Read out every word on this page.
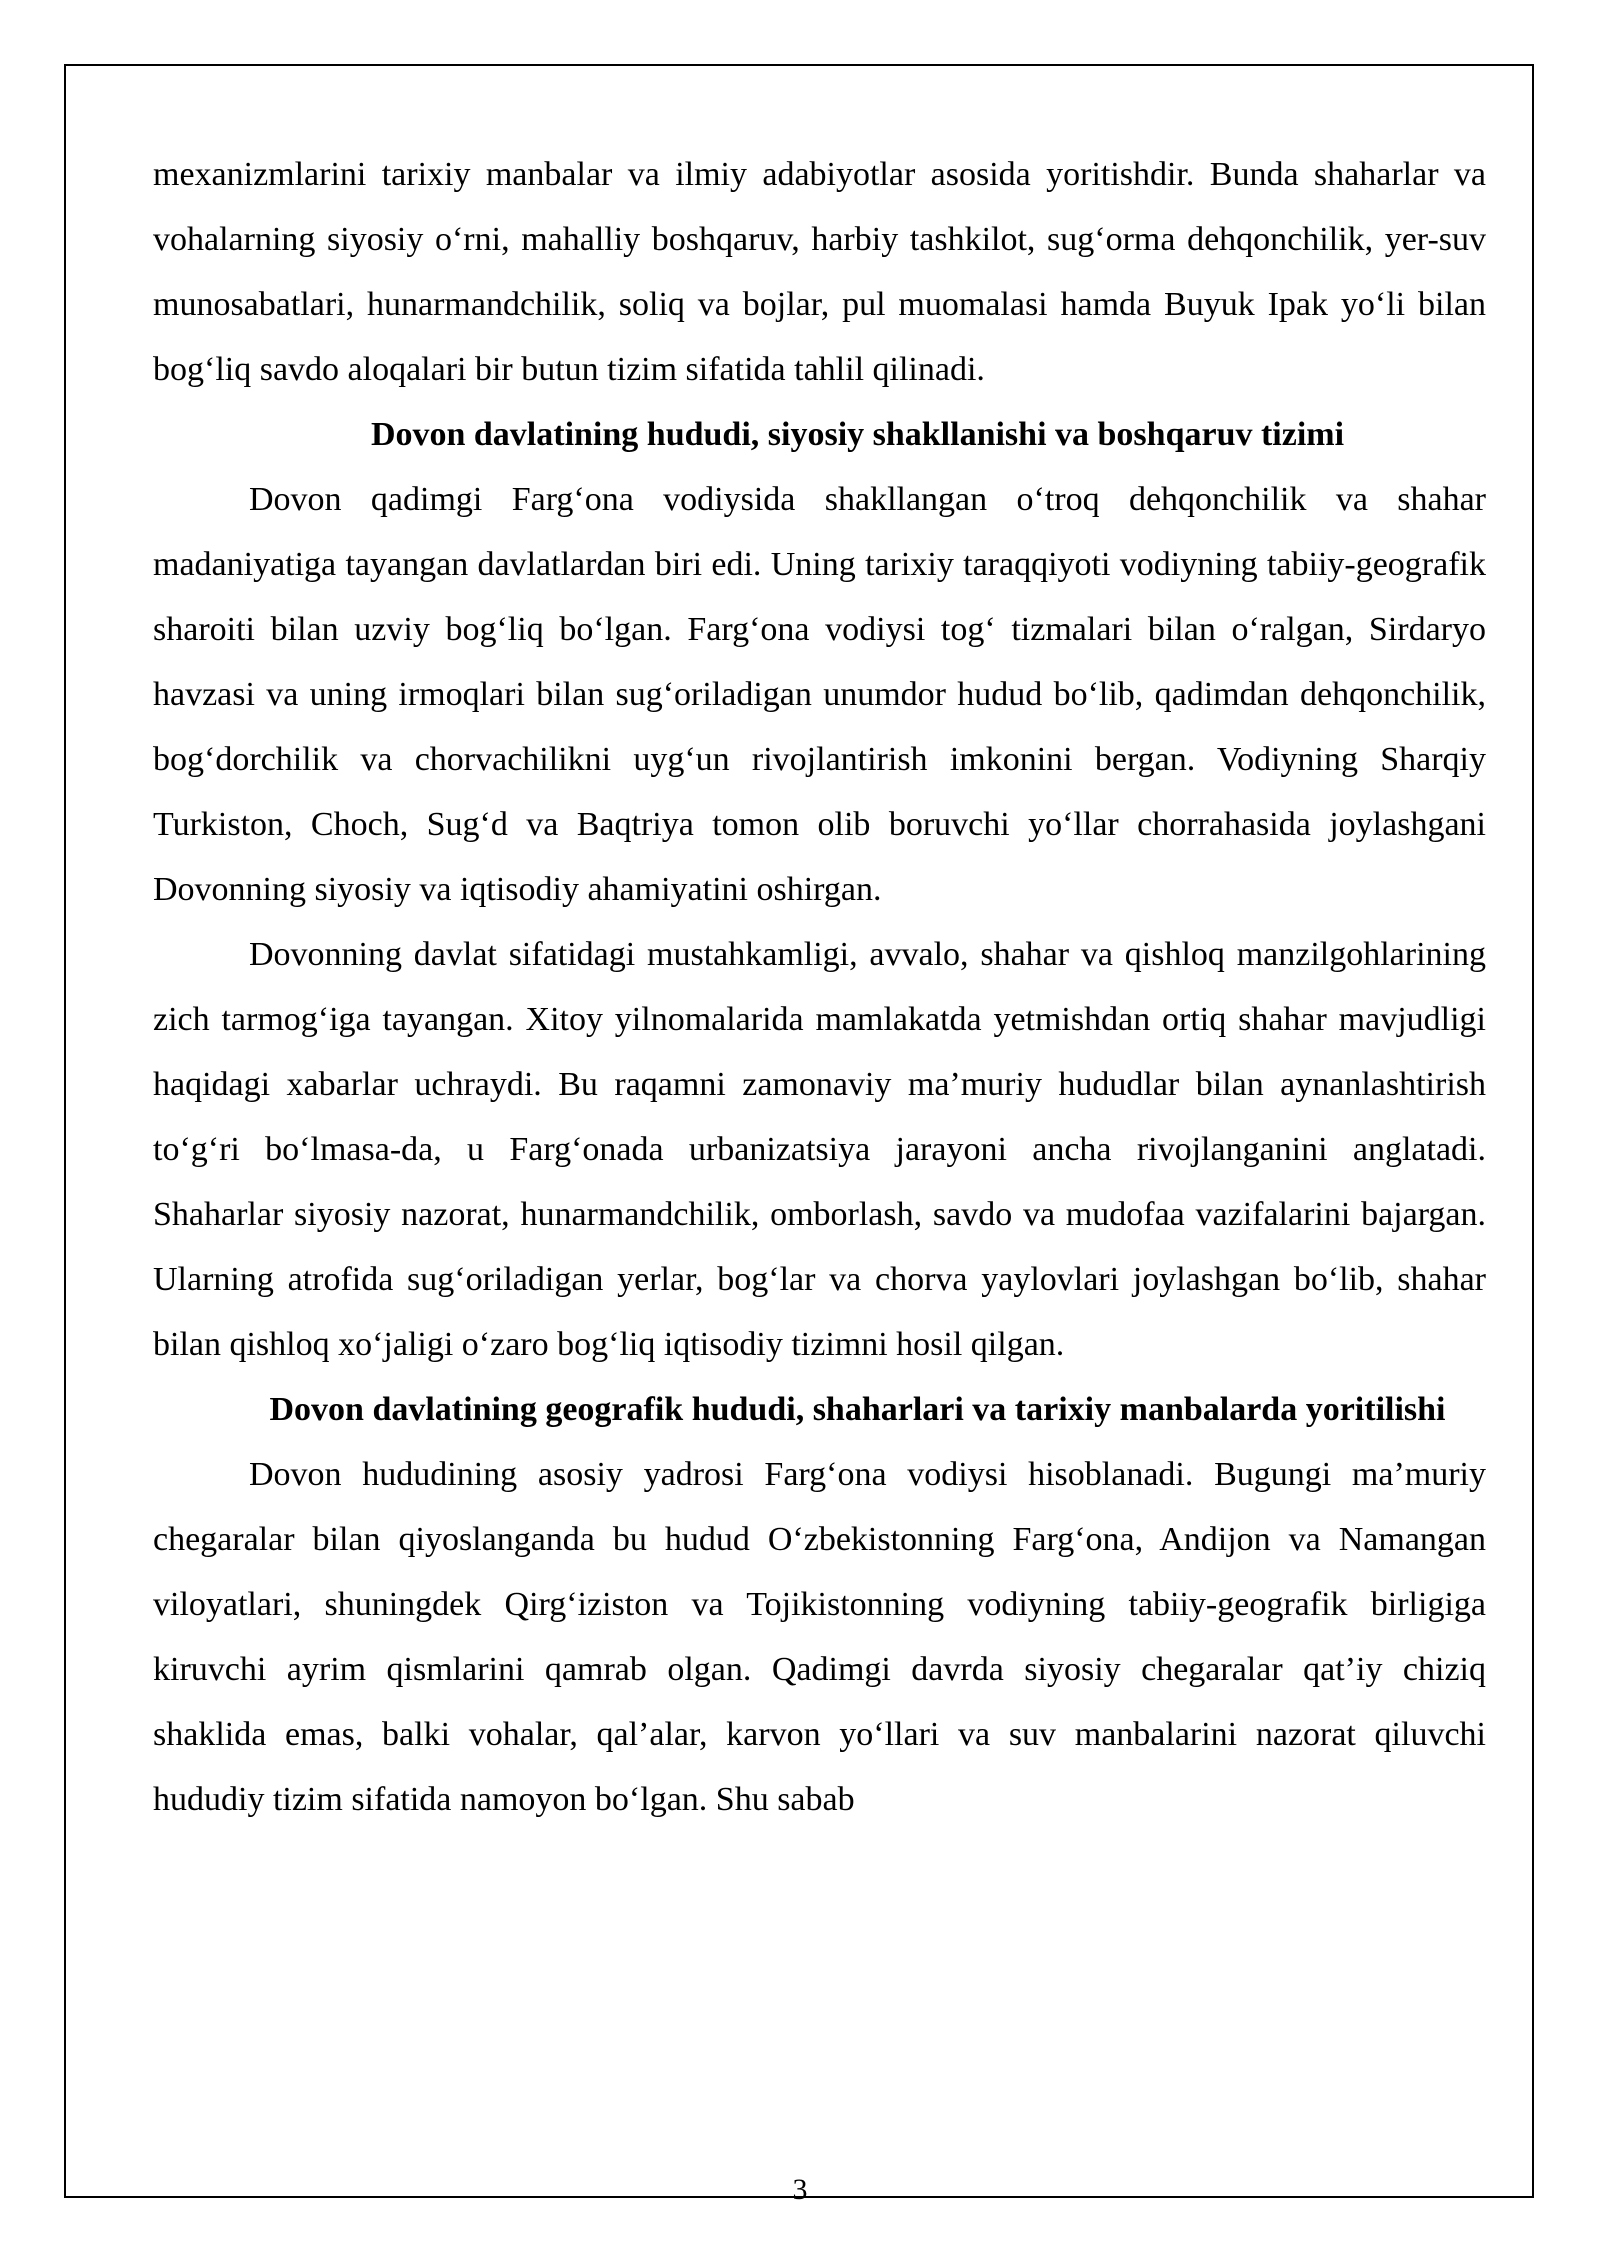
mexanizmlarini tarixiy manbalar va ilmiy adabiyotlar asosida yoritishdir. Bunda shaharlar va vohalarning siyosiy o‘rni, mahalliy boshqaruv, harbiy tashkilot, sug‘orma dehqonchilik, yer-suv munosabatlari, hunarmandchilik, soliq va bojlar, pul muomalasi hamda Buyuk Ipak yo‘li bilan bog‘liq savdo aloqalari bir butun tizim sifatida tahlil qilinadi.

Dovon davlatining hududi, siyosiy shakllanishi va boshqaruv tizimi

Dovon qadimgi Farg‘ona vodiysida shakllangan o‘troq dehqonchilik va shahar madaniyatiga tayangan davlatlardan biri edi. Uning tarixiy taraqqiyoti vodiyning tabiiy-geografik sharoiti bilan uzviy bog‘liq bo‘lgan. Farg‘ona vodiysi tog‘ tizmalari bilan o‘ralgan, Sirdaryo havzasi va uning irmoqlari bilan sug‘oriladigan unumdor hudud bo‘lib, qadimdan dehqonchilik, bog‘dorchilik va chorvachilikni uyg‘un rivojlantirish imkonini bergan. Vodiyning Sharqiy Turkiston, Choch, Sug‘d va Baqtriya tomon olib boruvchi yo‘llar chorrahasida joylashgani Dovonning siyosiy va iqtisodiy ahamiyatini oshirgan.

Dovonning davlat sifatidagi mustahkamligi, avvalo, shahar va qishloq manzilgohlarining zich tarmog‘iga tayangan. Xitoy yilnomalarida mamlakatda yetmishdan ortiq shahar mavjudligi haqidagi xabarlar uchraydi. Bu raqamni zamonaviy ma’muriy hududlar bilan aynanlashtirish to‘g‘ri bo‘lmasa-da, u Farg‘onada urbanizatsiya jarayoni ancha rivojlanganini anglatadi. Shaharlar siyosiy nazorat, hunarmandchilik, omborlash, savdo va mudofaa vazifalarini bajargan. Ularning atrofida sug‘oriladigan yerlar, bog‘lar va chorva yaylovlari joylashgan bo‘lib, shahar bilan qishloq xo‘jaligi o‘zaro bog‘liq iqtisodiy tizimni hosil qilgan.

Dovon davlatining geografik hududi, shaharlari va tarixiy manbalarda yoritilishi

Dovon hududining asosiy yadrosi Farg‘ona vodiysi hisoblanadi. Bugungi ma’muriy chegaralar bilan qiyoslanganda bu hudud O‘zbekistonning Farg‘ona, Andijon va Namangan viloyatlari, shuningdek Qirg‘iziston va Tojikistonning vodiyning tabiiy-geografik birligiga kiruvchi ayrim qismlarini qamrab olgan. Qadimgi davrda siyosiy chegaralar qat’iy chiziq shaklida emas, balki vohalar, qal’alar, karvon yo‘llari va suv manbalarini nazorat qiluvchi hududiy tizim sifatida namoyon bo‘lgan. Shu sabab

3
